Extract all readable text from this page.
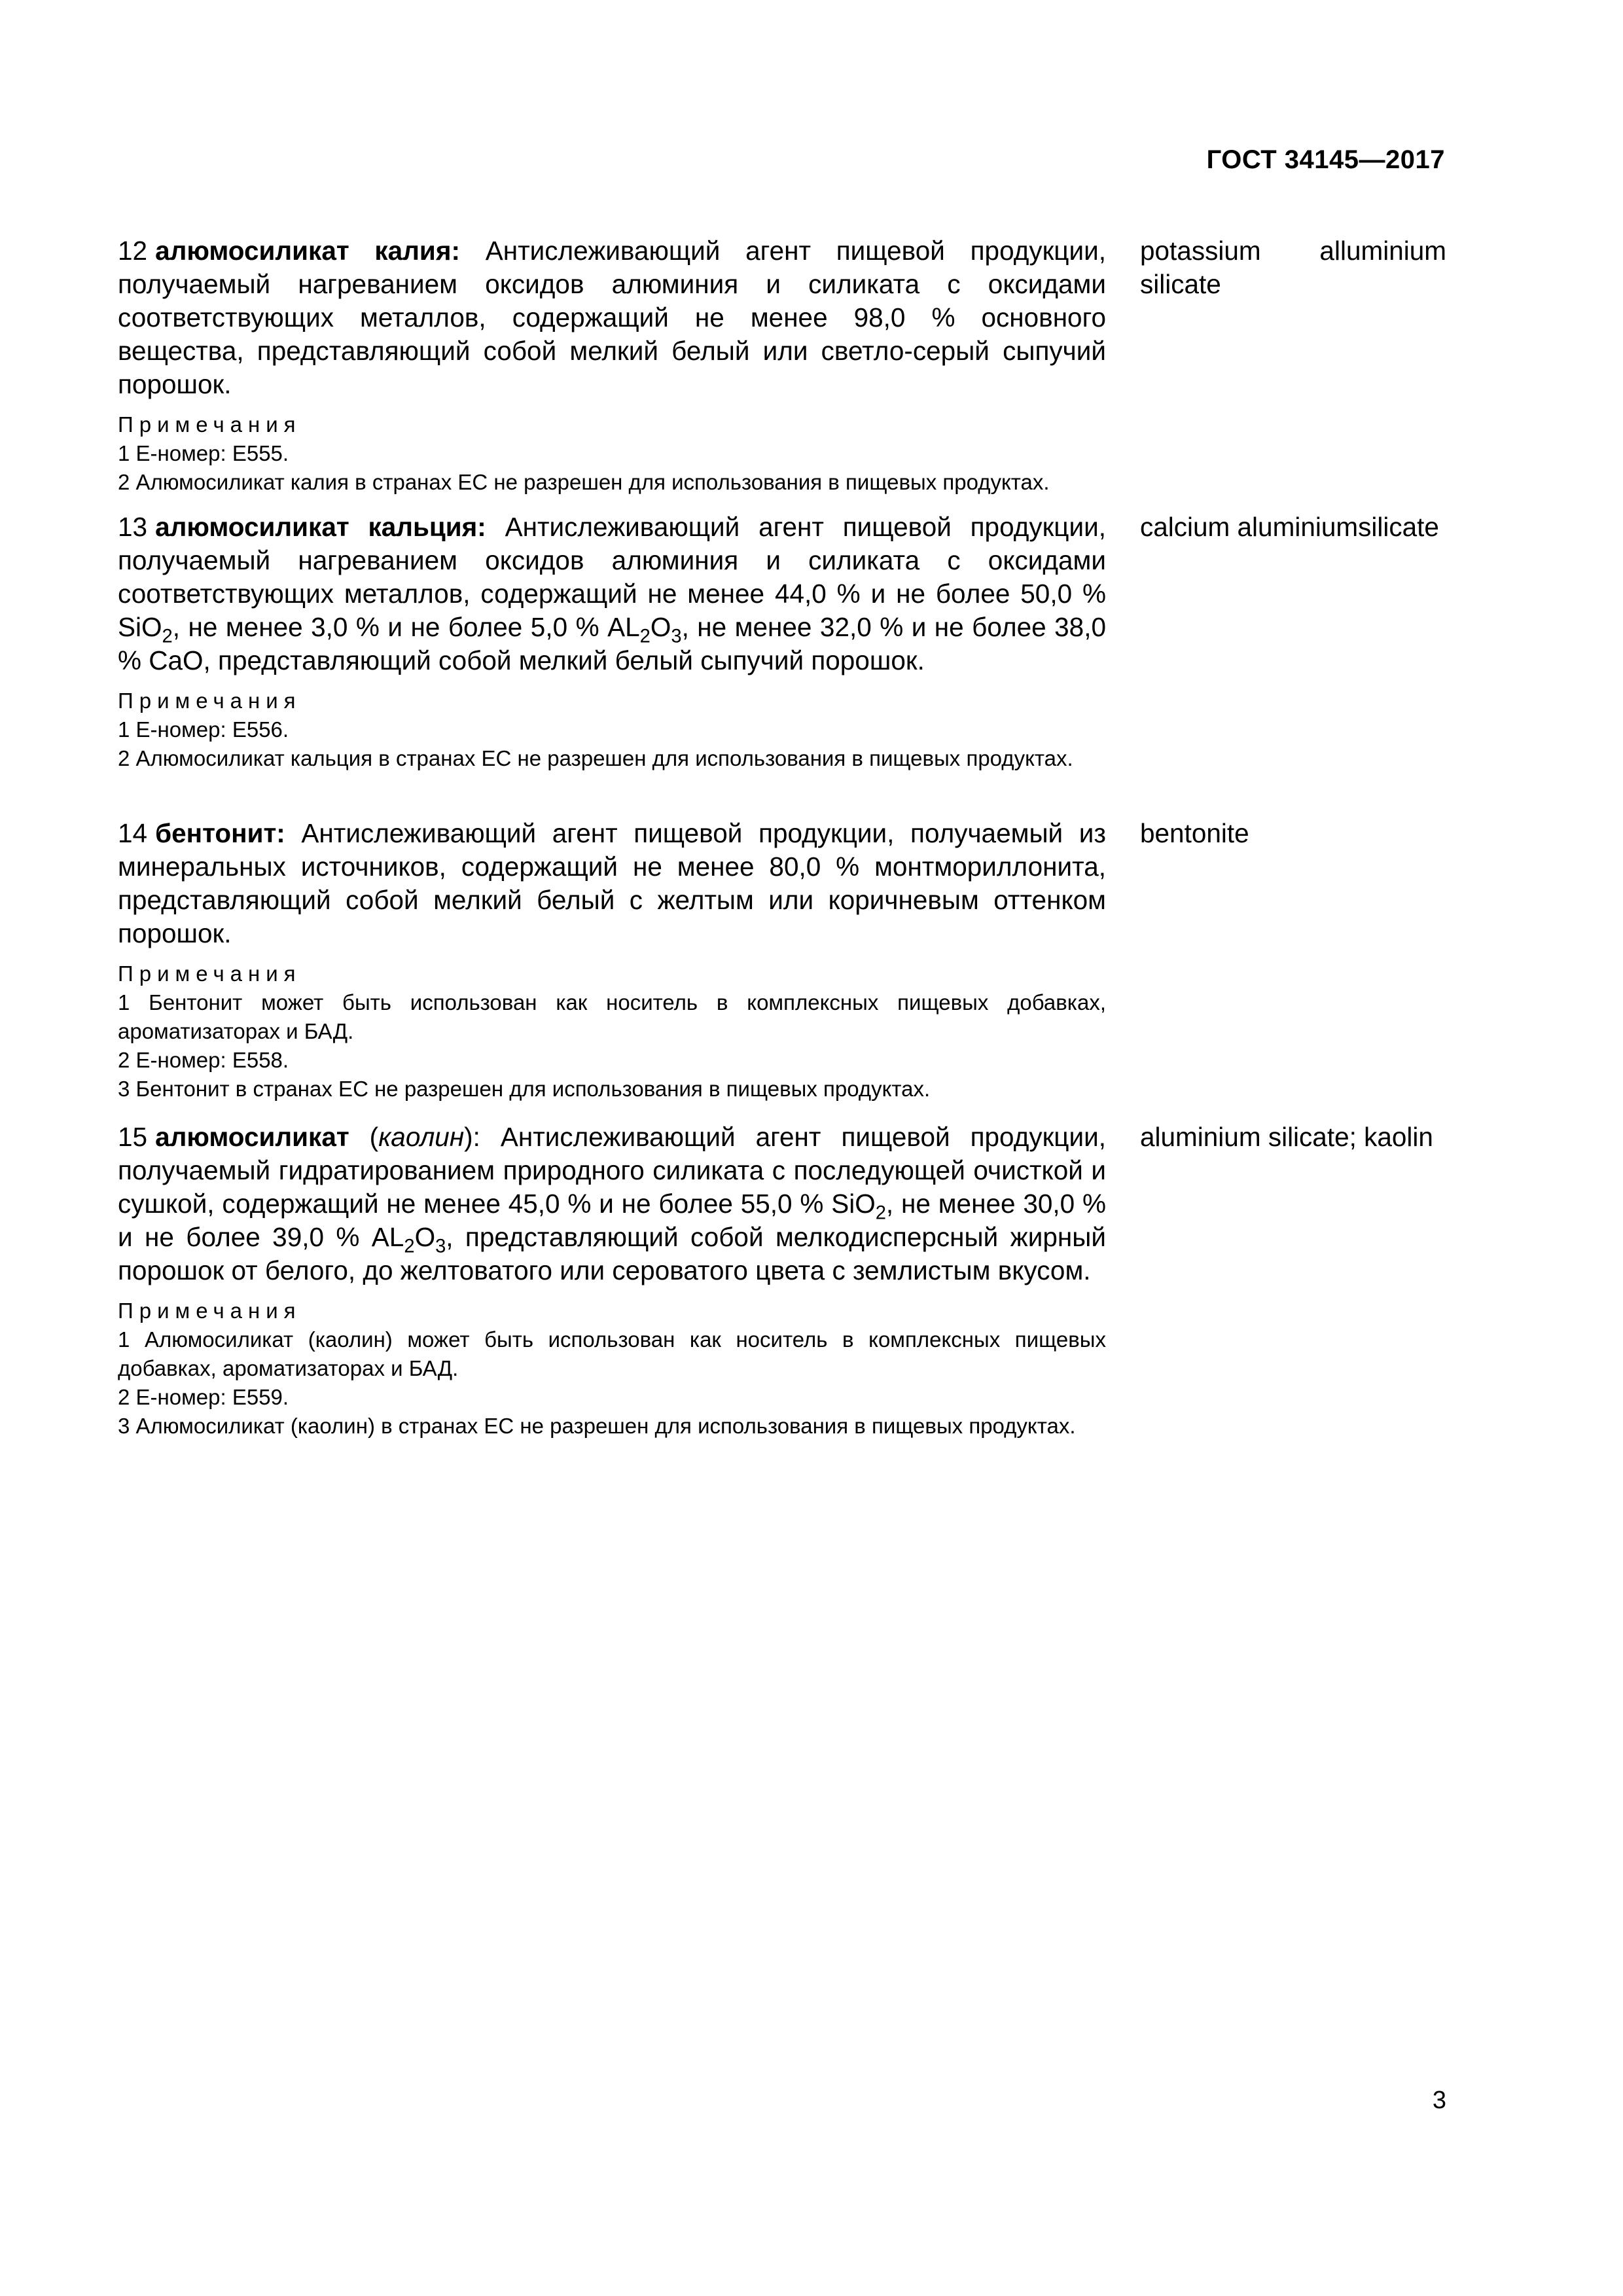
ГОСТ 34145—2017
12 алюмосиликат калия: Антислеживающий агент пищевой продукции, получаемый нагреванием оксидов алюминия и силиката с оксидами соответствующих металлов, содержащий не менее 98,0 % основного вещества, представляющий собой мелкий белый или светло-серый сыпучий порошок.
potassium alluminium silicate
Примечания
1 Е-номер: Е555.
2 Алюмосиликат калия в странах ЕС не разрешен для использования в пищевых продуктах.
13 алюмосиликат кальция: Антислеживающий агент пищевой продукции, получаемый нагреванием оксидов алюминия и силиката с оксидами соответствующих металлов, содержащий не менее 44,0 % и не более 50,0 % SiO$_2$, не менее 3,0 % и не более 5,0 % $AL_2O_3$, не менее 32,0 % и не более 38,0 % CaO, представляющий собой мелкий белый сыпучий порошок.
calcium aluminiumsilicate
Примечания
1 Е-номер: Е556.
2 Алюмосиликат кальция в странах ЕС не разрешен для использования в пищевых продуктах.
14 бентонит: Антислеживающий агент пищевой продукции, получаемый из минеральных источников, содержащий не менее 80,0 % монтмориллонита, представляющий собой мелкий белый с желтым или коричневым оттенком порошок.
bentonite
Примечания
1 Бентонит может быть использован как носитель в комплексных пищевых добавках, ароматизаторах и БАД.
2 Е-номер: Е558.
3 Бентонит в странах ЕС не разрешен для использования в пищевых продуктах.
15 алюмосиликат (каолин): Антислеживающий агент пищевой продукции, получаемый гидратированием природного силиката с последующей очисткой и сушкой, содержащий не менее 45,0 % и не более 55,0 % SiO$_2$, не менее 30,0 % и не более 39,0 % $AL_2O_3$, представляющий собой мелкодисперсный жирный порошок от белого, до желтоватого или сероватого цвета с землистым вкусом.
aluminium silicate; kaolin
Примечания
1 Алюмосиликат (каолин) может быть использован как носитель в комплексных пищевых добавках, ароматизаторах и БАД.
2 Е-номер: Е559.
3 Алюмосиликат (каолин) в странах ЕС не разрешен для использования в пищевых продуктах.
3
